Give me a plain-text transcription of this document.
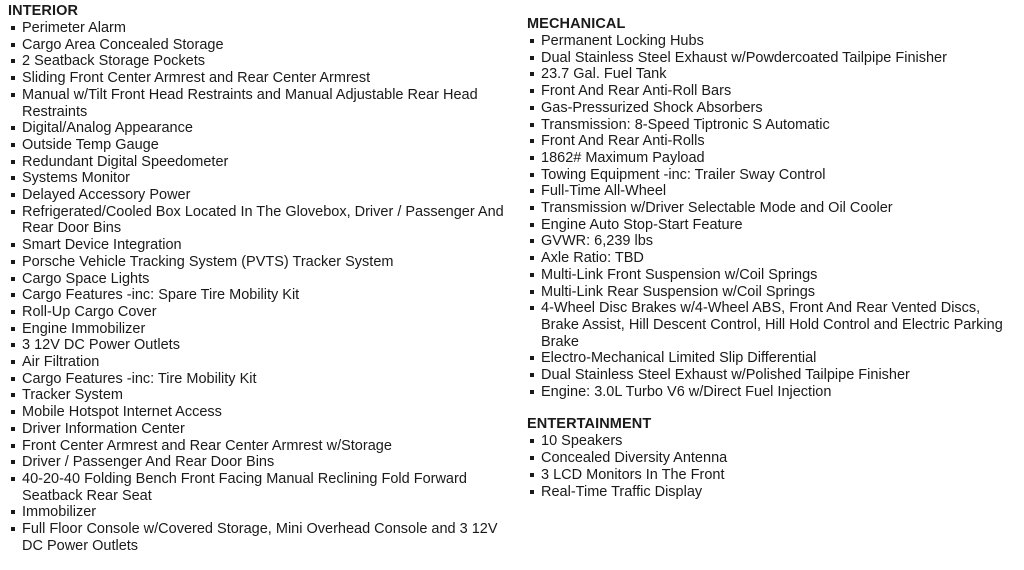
INTERIOR
Perimeter Alarm
Cargo Area Concealed Storage
2 Seatback Storage Pockets
Sliding Front Center Armrest and Rear Center Armrest
Manual w/Tilt Front Head Restraints and Manual Adjustable Rear Head Restraints
Digital/Analog Appearance
Outside Temp Gauge
Redundant Digital Speedometer
Systems Monitor
Delayed Accessory Power
Refrigerated/Cooled Box Located In The Glovebox, Driver / Passenger And Rear Door Bins
Smart Device Integration
Porsche Vehicle Tracking System (PVTS) Tracker System
Cargo Space Lights
Cargo Features -inc: Spare Tire Mobility Kit
Roll-Up Cargo Cover
Engine Immobilizer
3 12V DC Power Outlets
Air Filtration
Cargo Features -inc: Tire Mobility Kit
Tracker System
Mobile Hotspot Internet Access
Driver Information Center
Front Center Armrest and Rear Center Armrest w/Storage
Driver / Passenger And Rear Door Bins
40-20-40 Folding Bench Front Facing Manual Reclining Fold Forward Seatback Rear Seat
Immobilizer
Full Floor Console w/Covered Storage, Mini Overhead Console and 3 12V DC Power Outlets
MECHANICAL
Permanent Locking Hubs
Dual Stainless Steel Exhaust w/Powdercoated Tailpipe Finisher
23.7 Gal. Fuel Tank
Front And Rear Anti-Roll Bars
Gas-Pressurized Shock Absorbers
Transmission: 8-Speed Tiptronic S Automatic
Front And Rear Anti-Rolls
1862# Maximum Payload
Towing Equipment -inc: Trailer Sway Control
Full-Time All-Wheel
Transmission w/Driver Selectable Mode and Oil Cooler
Engine Auto Stop-Start Feature
GVWR: 6,239 lbs
Axle Ratio: TBD
Multi-Link Front Suspension w/Coil Springs
Multi-Link Rear Suspension w/Coil Springs
4-Wheel Disc Brakes w/4-Wheel ABS, Front And Rear Vented Discs, Brake Assist, Hill Descent Control, Hill Hold Control and Electric Parking Brake
Electro-Mechanical Limited Slip Differential
Dual Stainless Steel Exhaust w/Polished Tailpipe Finisher
Engine: 3.0L Turbo V6 w/Direct Fuel Injection
ENTERTAINMENT
10 Speakers
Concealed Diversity Antenna
3 LCD Monitors In The Front
Real-Time Traffic Display
